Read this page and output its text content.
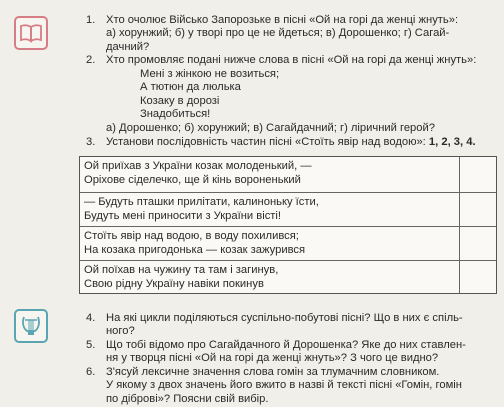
1. Хто очолює Військо Запорозьке в пісні «Ой на горі да женці жнуть»:
а) хорунжий; б) у творі про це не йдеться; в) Дорошенко; г) Сагай-
дачний?
2. Хто промовляє подані нижче слова в пісні «Ой на горі да женці жнуть»:
Мені з жінкою не возиться;
А тютюн да люлька
Козаку в дорозі
Знадобиться!
а) Дорошенко; б) хорунжий; в) Сагайдачний; г) ліричний герой?
3. Установи послідовність частин пісні «Стоїть явір над водою»: 1, 2, 3, 4.
Ой приїхав з України козак молоденький, —
Оріхове сіделечко, ще й кінь вороненький
— Будуть пташки прилітати, калиноньку їсти,
Будуть мені приносити з України вісті!
Стоїть явір над водою, в воду похилився;
На козака пригодонька — козак зажурився
Ой поїхав на чужину та там і загинув,
Свою рідну Україну навіки покинув
4. На які цикли поділяються суспільно-побутові пісні? Що в них є спіль-
ного?
5. Що тобі відомо про Сагайдачного й Дорошенка? Яке до них ставлен-
ня у творця пісні «Ой на горі да женці жнуть»? З чого це видно?
6. З'ясуй лексичне значення слова гомін за тлумачним словником.
У якому з двох значень його вжито в назві й тексті пісні «Гомін, гомін
по діброві»? Поясни свій вибір.
